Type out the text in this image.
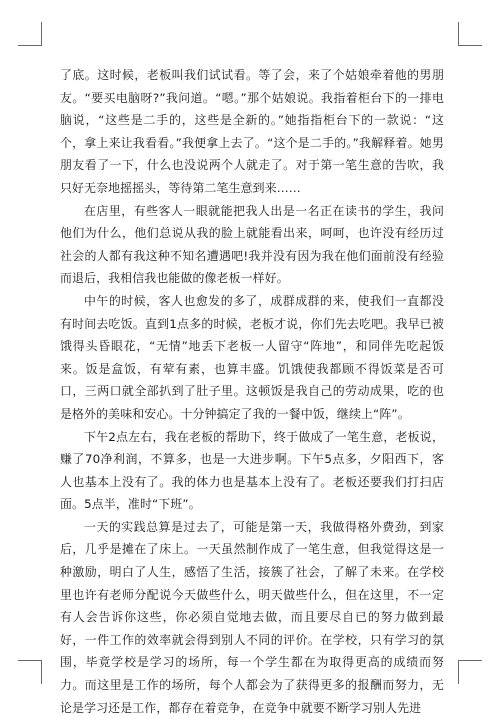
了底。这时候，老板叫我们试试看。等了会，来了个姑娘牵着他的男朋友。“要买电脑呀?”我问道。“嗯。”那个姑娘说。我指着柜台下的一排电脑说，“这些是二手的，这些是全新的。”她指指柜台下的一款说：“这个，拿上来让我看看。”我便拿上去了。“这个是二手的。”我解释着。她男朋友看了一下，什么也没说两个人就走了。对于第一笔生意的告吹，我只好无奈地摇摇头，等待第二笔生意到来……

在店里，有些客人一眼就能把我人出是一名正在读书的学生，我问他们为什么，他们总说从我的脸上就能看出来，呵呵，也许没有经历过社会的人都有我这种不知名遭遇吧!我并没有因为我在他们面前没有经验而退后，我相信我也能做的像老板一样好。

中午的时候，客人也愈发的多了，成群成群的来，使我们一直都没有时间去吃饭。直到1点多的时候，老板才说，你们先去吃吧。我早已被饿得头昏眼花，“无情”地丢下老板一人留守“阵地”，和同伴先吃起饭来。饭是盒饭，有荤有素，也算丰盛。饥饿使我都顾不得饭菜是否可口，三两口就全部扒到了肚子里。这顿饭是我自己的劳动成果，吃的也是格外的美味和安心。十分钟搞定了我的一餐中饭，继续上“阵”。

下午2点左右，我在老板的帮助下，终于做成了一笔生意，老板说，赚了70净利润，不算多，也是一大进步啊。下午5点多，夕阳西下，客人也基本上没有了。我的体力也是基本上没有了。老板还要我们打扫店面。5点半，准时“下班”。

一天的实践总算是过去了，可能是第一天，我做得格外费劲，到家后，几乎是摊在了床上。一天虽然制作成了一笔生意，但我觉得这是一种激励，明白了人生，感悟了生活，接簇了社会，了解了未来。在学校里也许有老师分配说今天做些什么，明天做些什么，但在这里，不一定有人会告诉你这些，你必须自觉地去做，而且要尽自已的努力做到最好，一件工作的效率就会得到别人不同的评价。在学校，只有学习的氛围，毕竟学校是学习的场所，每一个学生都在为取得更高的成绩而努力。而这里是工作的场所，每个人都会为了获得更多的报酬而努力，无论是学习还是工作，都存在着竞争，在竞争中就要不断学习别人先进
